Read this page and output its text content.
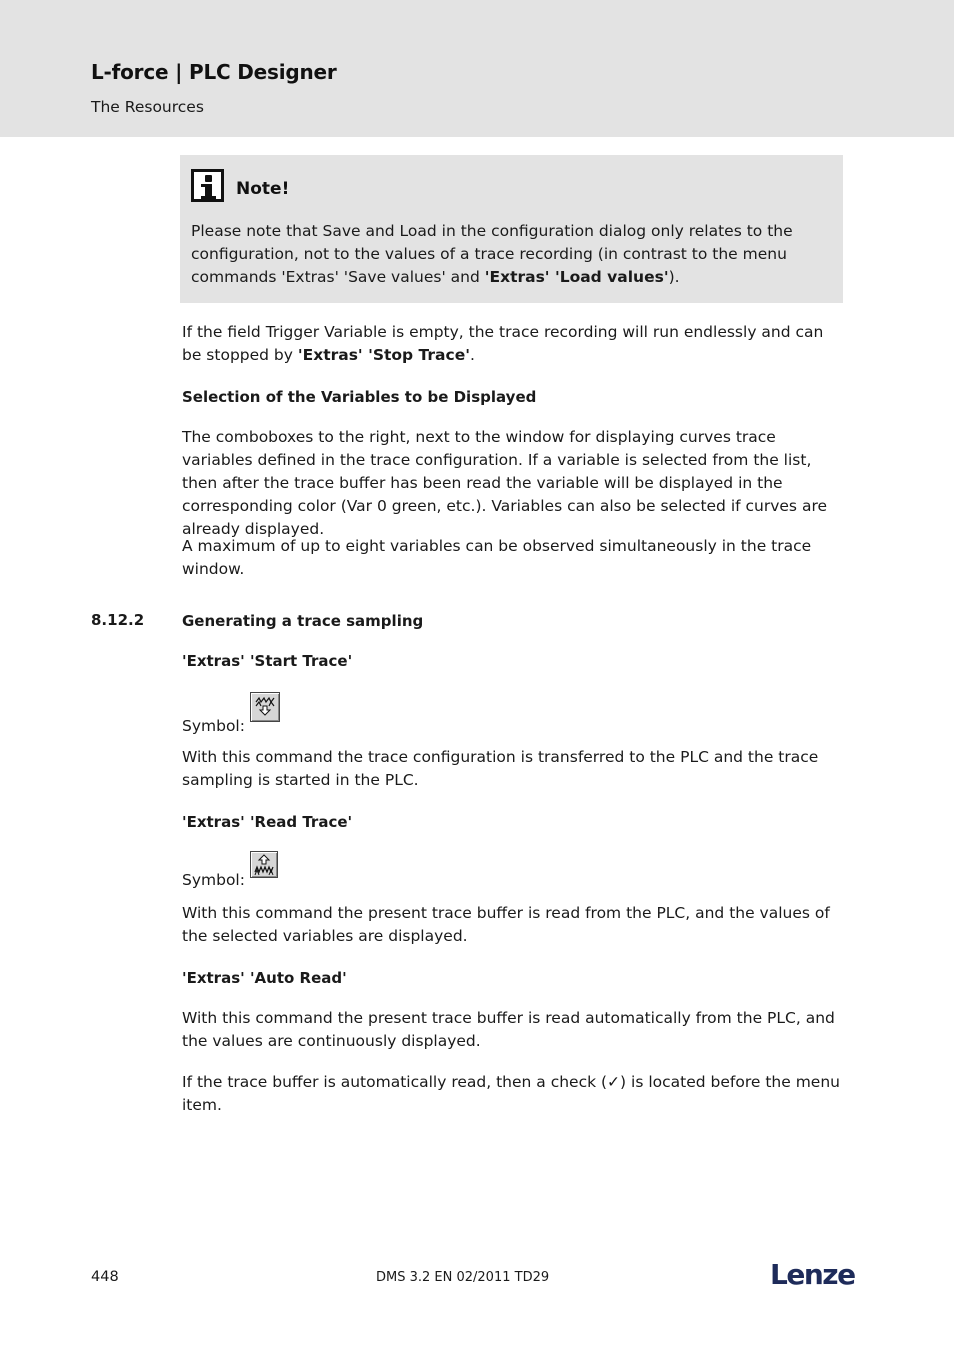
L-force | PLC Designer
The Resources
Note!
Please note that Save and Load in the configuration dialog only relates to the configuration, not to the values of a trace recording (in contrast to the menu commands 'Extras' 'Save values' and 'Extras' 'Load values').
If the field Trigger Variable is empty, the trace recording will run endlessly and can be stopped by 'Extras' 'Stop Trace'.
Selection of the Variables to be Displayed
The comboboxes to the right, next to the window for displaying curves trace variables defined in the trace configuration. If a variable is selected from the list, then after the trace buffer has been read the variable will be displayed in the corresponding color (Var 0 green, etc.). Variables can also be selected if curves are already displayed.
A maximum of up to eight variables can be observed simultaneously in the trace window.
8.12.2	Generating a trace sampling
'Extras' 'Start Trace'
Symbol:
With this command the trace configuration is transferred to the PLC and the trace sampling is started in the PLC.
'Extras' 'Read Trace'
Symbol:
With this command the present trace buffer is read from the PLC, and the values of the selected variables are displayed.
'Extras' 'Auto Read'
With this command the present trace buffer is read automatically from the PLC, and the values are continuously displayed.
If the trace buffer is automatically read, then a check (✓) is located before the menu item.
448	DMS 3.2 EN 02/2011 TD29	Lenze
